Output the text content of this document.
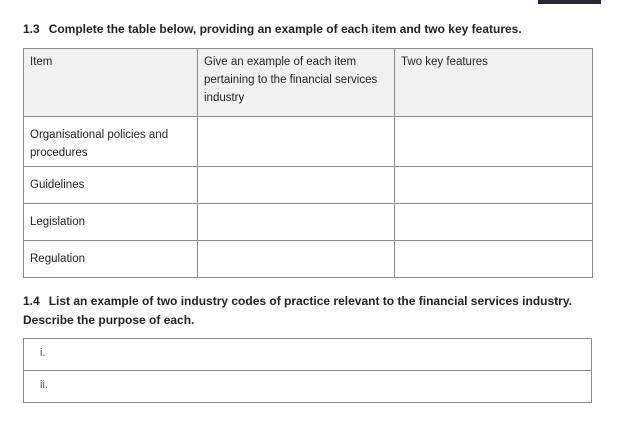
1.3 Complete the table below, providing an example of each item and two key features.
Item	Give an example of each item pertaining to the financial services industry	Two key features
Organisational policies and procedures		
Guidelines		
Legislation		
Regulation		
1.4 List an example of two industry codes of practice relevant to the financial services industry. Describe the purpose of each.
i.
ii.
